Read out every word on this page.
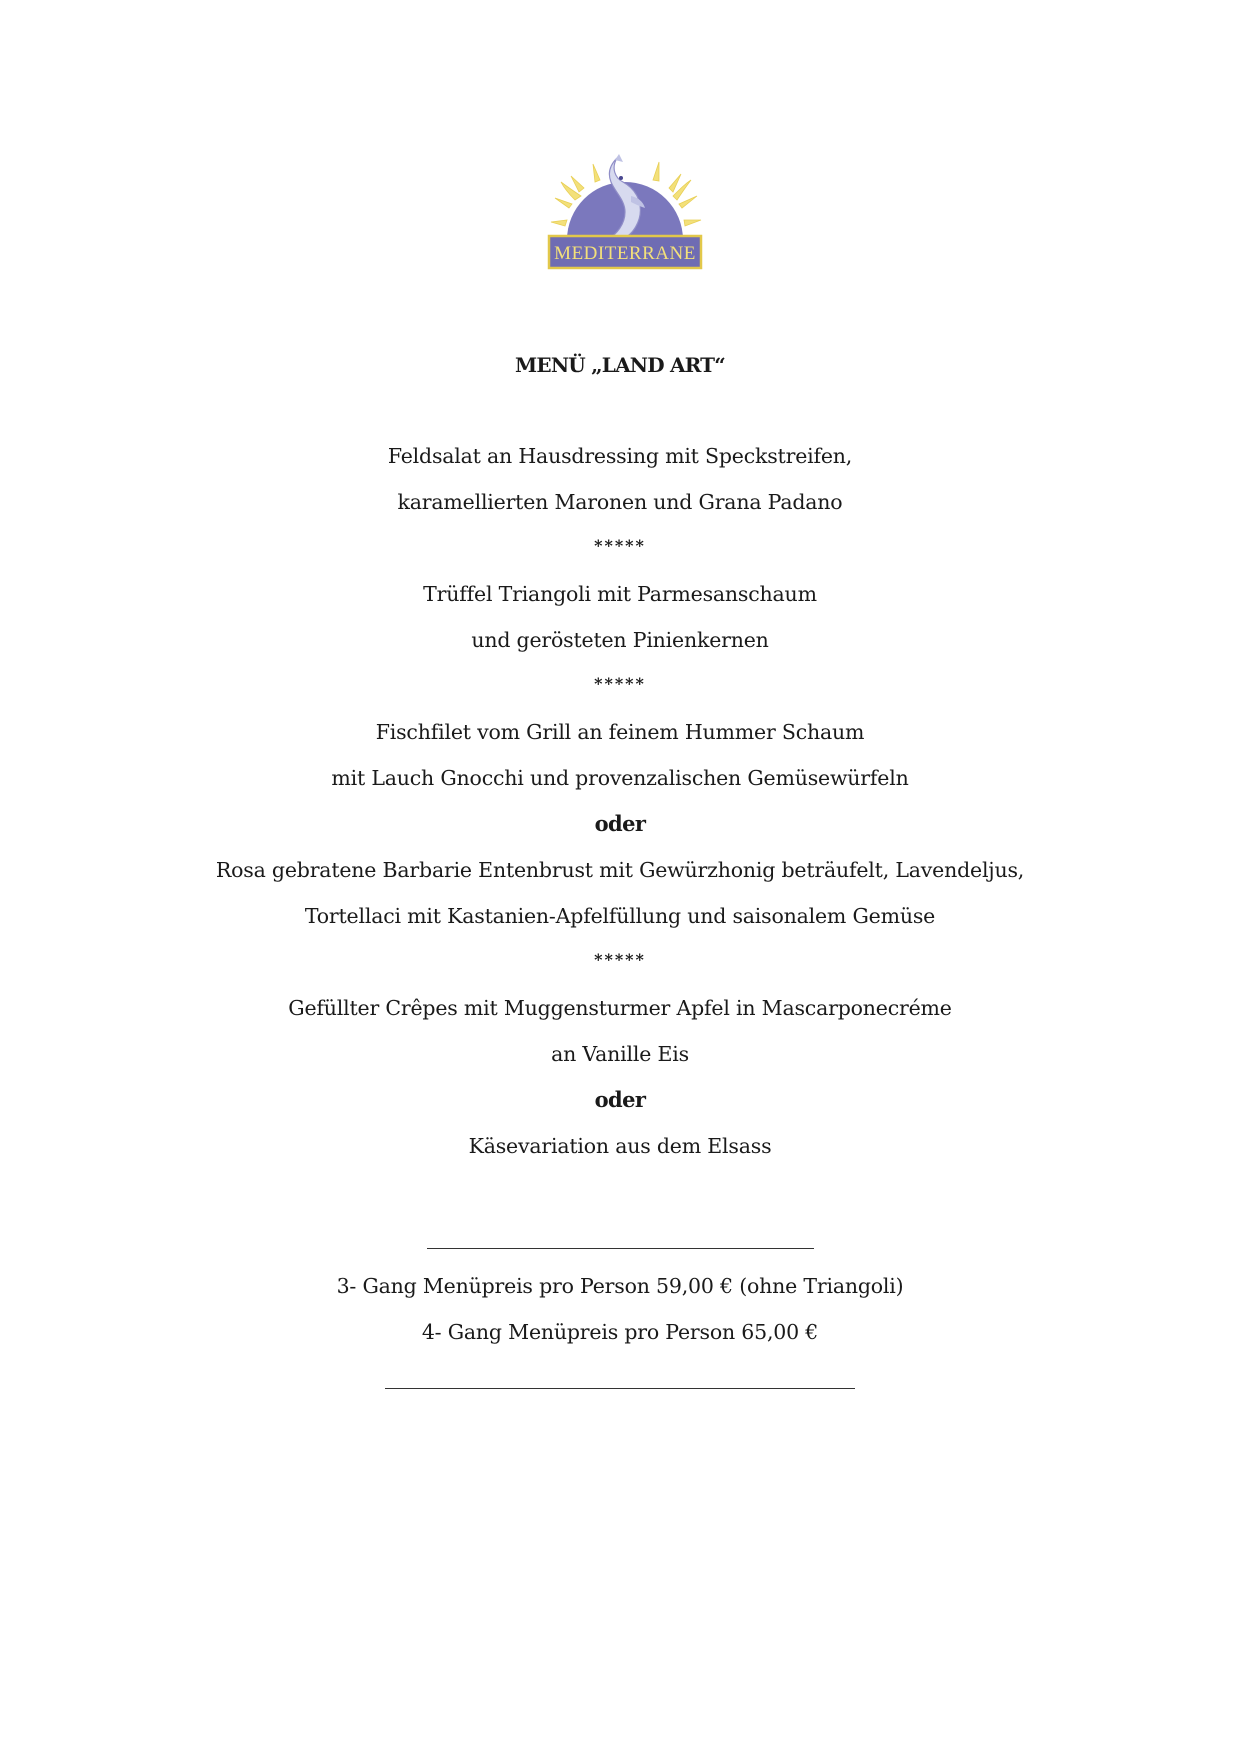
MEDITERRANE
MENÜ „LAND ART“
Feldsalat an Hausdressing mit Speckstreifen,
karamellierten Maronen und Grana Padano
*****
Trüffel Triangoli mit Parmesanschaum
und gerösteten Pinienkernen
*****
Fischfilet vom Grill an feinem Hummer Schaum
mit Lauch Gnocchi und provenzalischen Gemüsewürfeln
oder
Rosa gebratene Barbarie Entenbrust mit Gewürzhonig beträufelt, Lavendeljus,
Tortellaci mit Kastanien-Apfelfüllung und saisonalem Gemüse
*****
Gefüllter Crêpes mit Muggensturmer Apfel in Mascarponecréme
an Vanille Eis
oder
Käsevariation aus dem Elsass
3- Gang Menüpreis pro Person 59,00 € (ohne Triangoli)
4- Gang Menüpreis pro Person 65,00 €
